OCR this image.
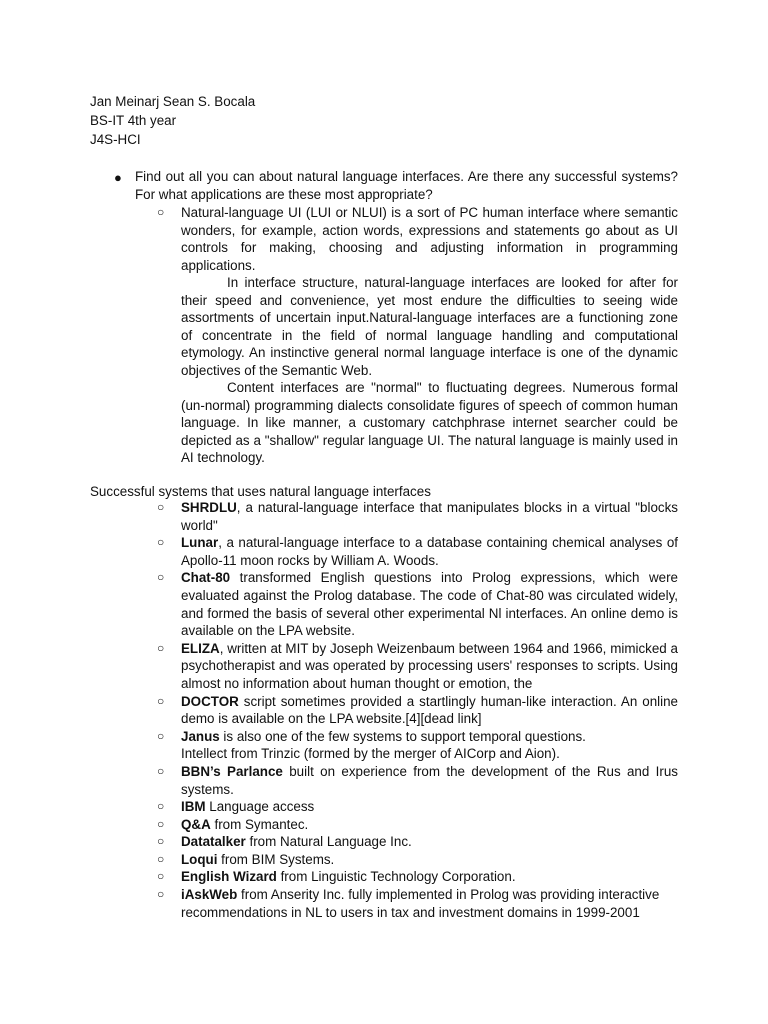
Jan Meinarj Sean S. Bocala
BS-IT 4th year
J4S-HCI
● Find out all you can about natural language interfaces. Are there any successful systems? For what applications are these most appropriate?
○ Natural-language UI (LUI or NLUI) is a sort of PC human interface where semantic wonders, for example, action words, expressions and statements go about as UI controls for making, choosing and adjusting information in programming applications.

In interface structure, natural-language interfaces are looked for after for their speed and convenience, yet most endure the difficulties to seeing wide assortments of uncertain input.Natural-language interfaces are a functioning zone of concentrate in the field of normal language handling and computational etymology. An instinctive general normal language interface is one of the dynamic objectives of the Semantic Web.

Content interfaces are "normal" to fluctuating degrees. Numerous formal (un-normal) programming dialects consolidate figures of speech of common human language. In like manner, a customary catchphrase internet searcher could be depicted as a "shallow" regular language UI. The natural language is mainly used in AI technology.

Successful systems that uses natural language interfaces
○ SHRDLU, a natural-language interface that manipulates blocks in a virtual "blocks world"
○ Lunar, a natural-language interface to a database containing chemical analyses of Apollo-11 moon rocks by William A. Woods.
○ Chat-80 transformed English questions into Prolog expressions, which were evaluated against the Prolog database. The code of Chat-80 was circulated widely, and formed the basis of several other experimental Nl interfaces. An online demo is available on the LPA website.
○ ELIZA, written at MIT by Joseph Weizenbaum between 1964 and 1966, mimicked a psychotherapist and was operated by processing users' responses to scripts. Using almost no information about human thought or emotion, the
○ DOCTOR script sometimes provided a startlingly human-like interaction. An online demo is available on the LPA website.[4][dead link]
○ Janus is also one of the few systems to support temporal questions.
Intellect from Trinzic (formed by the merger of AICorp and Aion).
○ BBN’s Parlance built on experience from the development of the Rus and Irus systems.
○ IBM Language access
○ Q&A from Symantec.
○ Datatalker from Natural Language Inc.
○ Loqui from BIM Systems.
○ English Wizard from Linguistic Technology Corporation.
○ iAskWeb from Anserity Inc. fully implemented in Prolog was providing interactive recommendations in NL to users in tax and investment domains in 1999-2001
